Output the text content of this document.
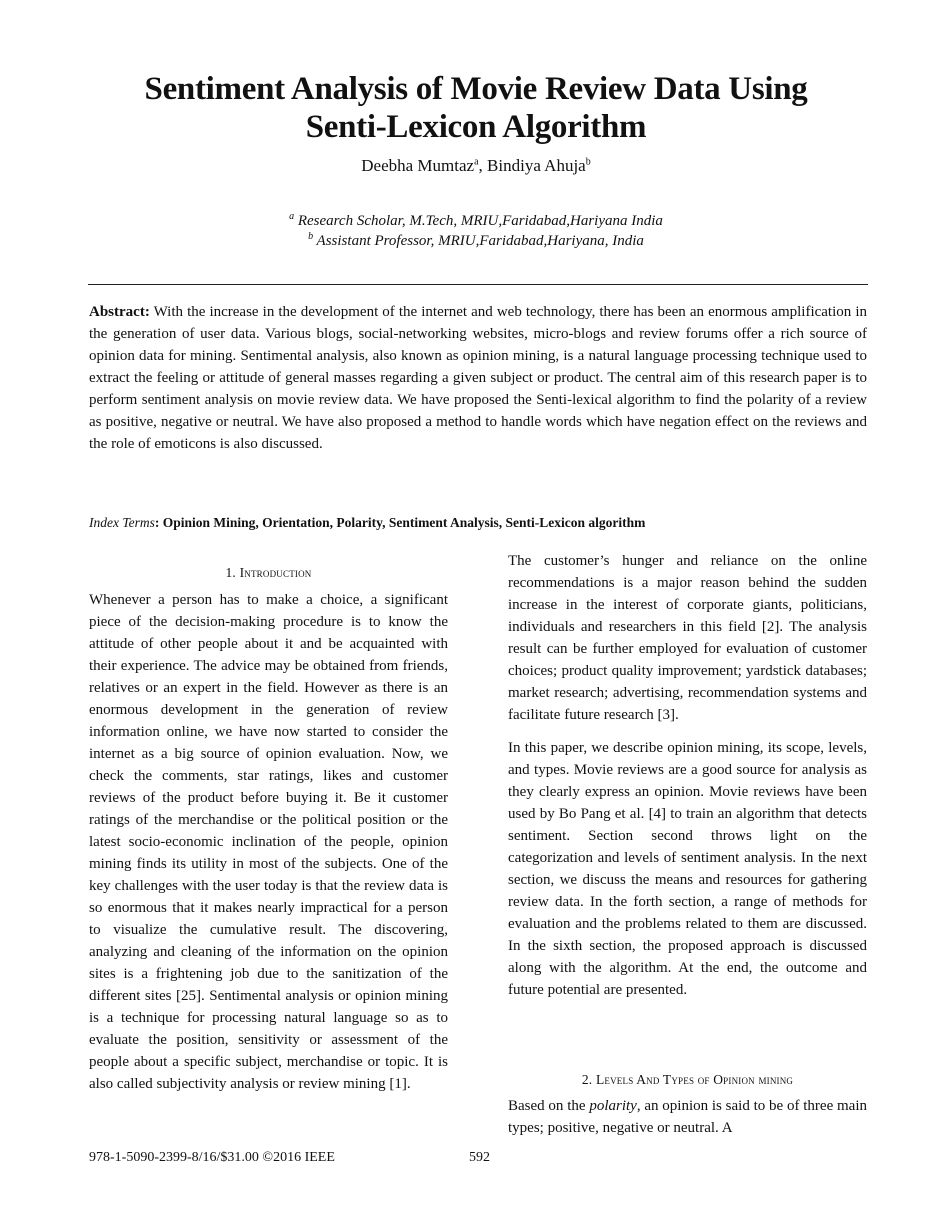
Sentiment Analysis of Movie Review Data Using
Senti-Lexicon Algorithm
Deebha Mumtaz$^a$, Bindiya Ahuja$^b$
$^a$ Research Scholar, M.Tech, MRIU,Faridabad,Hariyana India
$^b$ Assistant Professor, MRIU,Faridabad,Hariyana, India
Abstract: With the increase in the development of the internet and web technology, there has been an enormous amplification in the generation of user data. Various blogs, social-networking websites, micro-blogs and review forums offer a rich source of opinion data for mining. Sentimental analysis, also known as opinion mining, is a natural language processing technique used to extract the feeling or attitude of general masses regarding a given subject or product. The central aim of this research paper is to perform sentiment analysis on movie review data. We have proposed the Senti-lexical algorithm to find the polarity of a review as positive, negative or neutral. We have also proposed a method to handle words which have negation effect on the reviews and the role of emoticons is also discussed.
Index Terms: Opinion Mining, Orientation, Polarity, Sentiment Analysis, Senti-Lexicon algorithm
1. Introduction

Whenever a person has to make a choice, a significant piece of the decision-making procedure is to know the attitude of other people about it and be acquainted with their experience. The advice may be obtained from friends, relatives or an expert in the field. However as there is an enormous development in the generation of review information online, we have now started to consider the internet as a big source of opinion evaluation. Now, we check the comments, star ratings, likes and customer reviews of the product before buying it. Be it customer ratings of the merchandise or the political position or the latest socio-economic inclination of the people, opinion mining finds its utility in most of the subjects. One of the key challenges with the user today is that the review data is so enormous that it makes nearly impractical for a person to visualize the cumulative result. The discovering, analyzing and cleaning of the information on the opinion sites is a frightening job due to the sanitization of the different sites [25]. Sentimental analysis or opinion mining is a technique for processing natural language so as to evaluate the position, sensitivity or assessment of the people about a specific subject, merchandise or topic. It is also called subjectivity analysis or review mining [1].

The customer’s hunger and reliance on the online recommendations is a major reason behind the sudden increase in the interest of corporate giants, politicians, individuals and researchers in this field [2]. The analysis result can be further employed for evaluation of customer choices; product quality improvement; yardstick databases; market research; advertising, recommendation systems and facilitate future research [3].

In this paper, we describe opinion mining, its scope, levels, and types. Movie reviews are a good source for analysis as they clearly express an opinion. Movie reviews have been used by Bo Pang et al. [4] to train an algorithm that detects sentiment. Section second throws light on the categorization and levels of sentiment analysis. In the next section, we discuss the means and resources for gathering review data. In the forth section, a range of methods for evaluation and the problems related to them are discussed. In the sixth section, the proposed approach is discussed along with the algorithm. At the end, the outcome and future potential are presented.

2. Levels And Types of Opinion mining

Based on the polarity, an opinion is said to be of three main types; positive, negative or neutral. A

978-1-5090-2399-8/16/$31.00 ©2016 IEEE	592
